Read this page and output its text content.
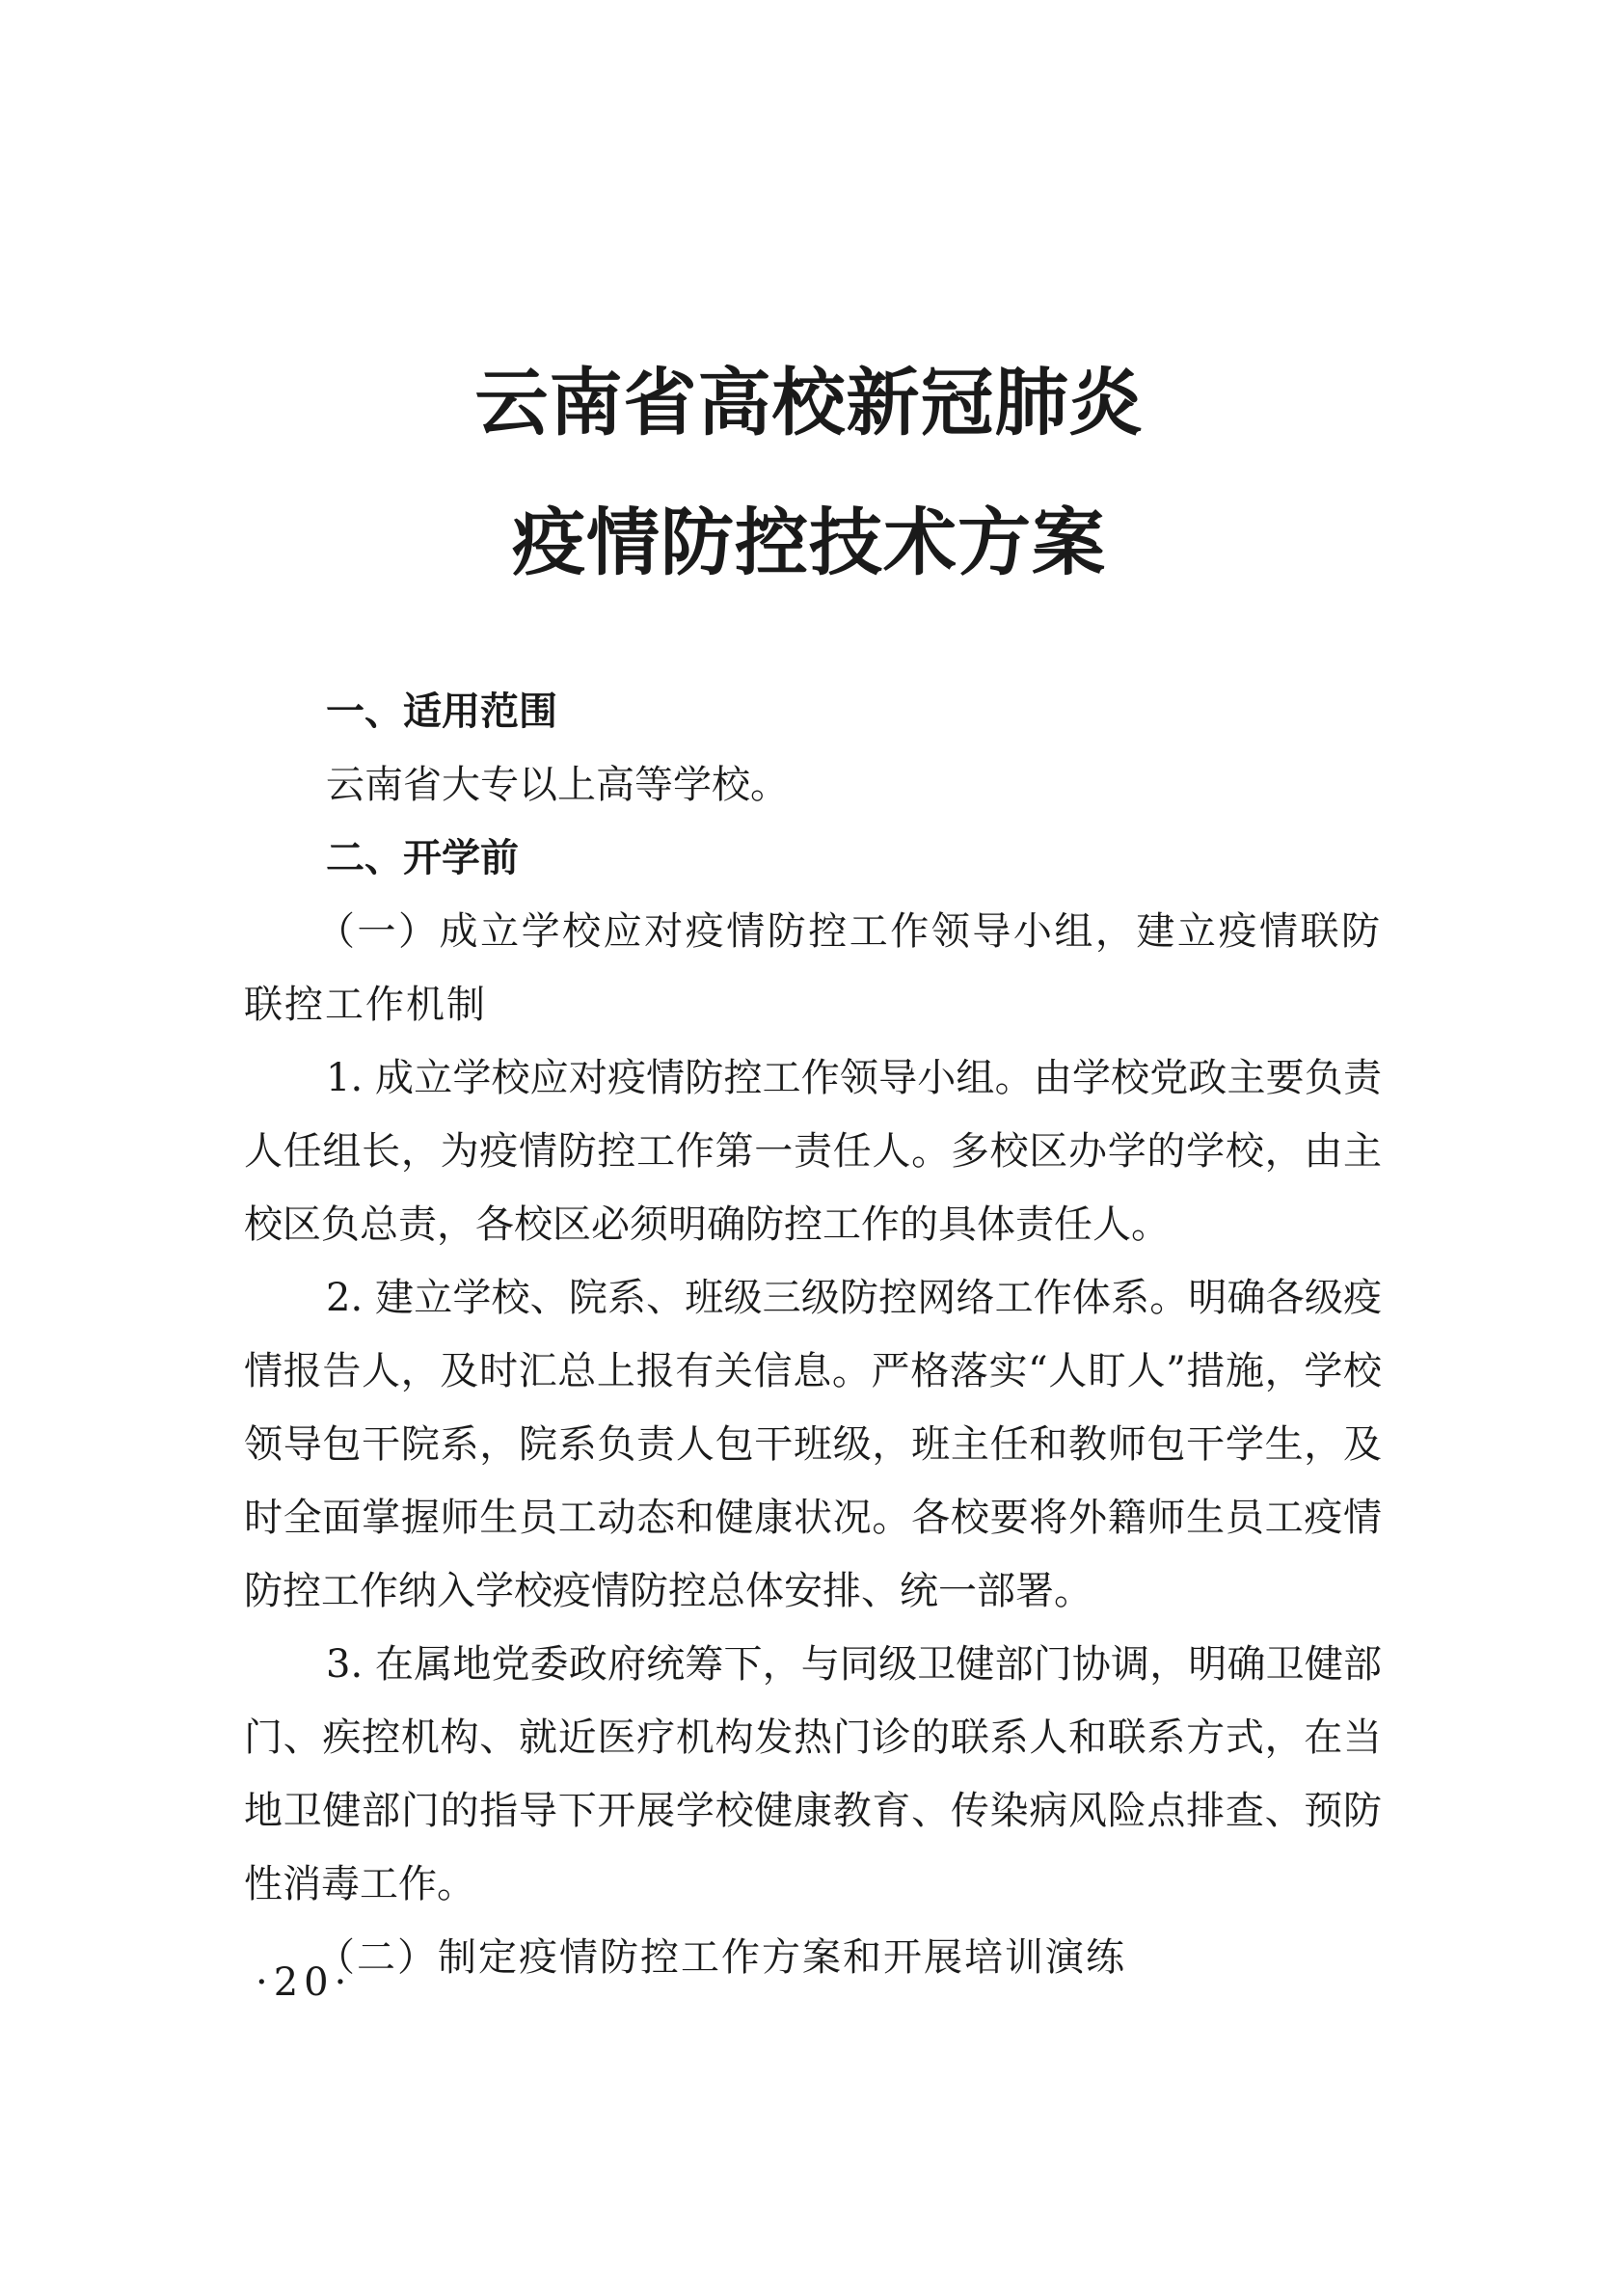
云南省高校新冠肺炎
疫情防控技术方案

一、适用范围

云南省大专以上高等学校。

二、开学前

（一）成立学校应对疫情防控工作领导小组，建立疫情联防联控工作机制

1. 成立学校应对疫情防控工作领导小组。由学校党政主要负责人任组长，为疫情防控工作第一责任人。多校区办学的学校，由主校区负总责，各校区必须明确防控工作的具体责任人。

2. 建立学校、院系、班级三级防控网络工作体系。明确各级疫情报告人，及时汇总上报有关信息。严格落实“人盯人”措施，学校领导包干院系，院系负责人包干班级，班主任和教师包干学生，及时全面掌握师生员工动态和健康状况。各校要将外籍师生员工疫情防控工作纳入学校疫情防控总体安排、统一部署。

3. 在属地党委政府统筹下，与同级卫健部门协调，明确卫健部门、疾控机构、就近医疗机构发热门诊的联系人和联系方式，在当地卫健部门的指导下开展学校健康教育、传染病风险点排查、预防性消毒工作。

（二）制定疫情防控工作方案和开展培训演练

·20·
